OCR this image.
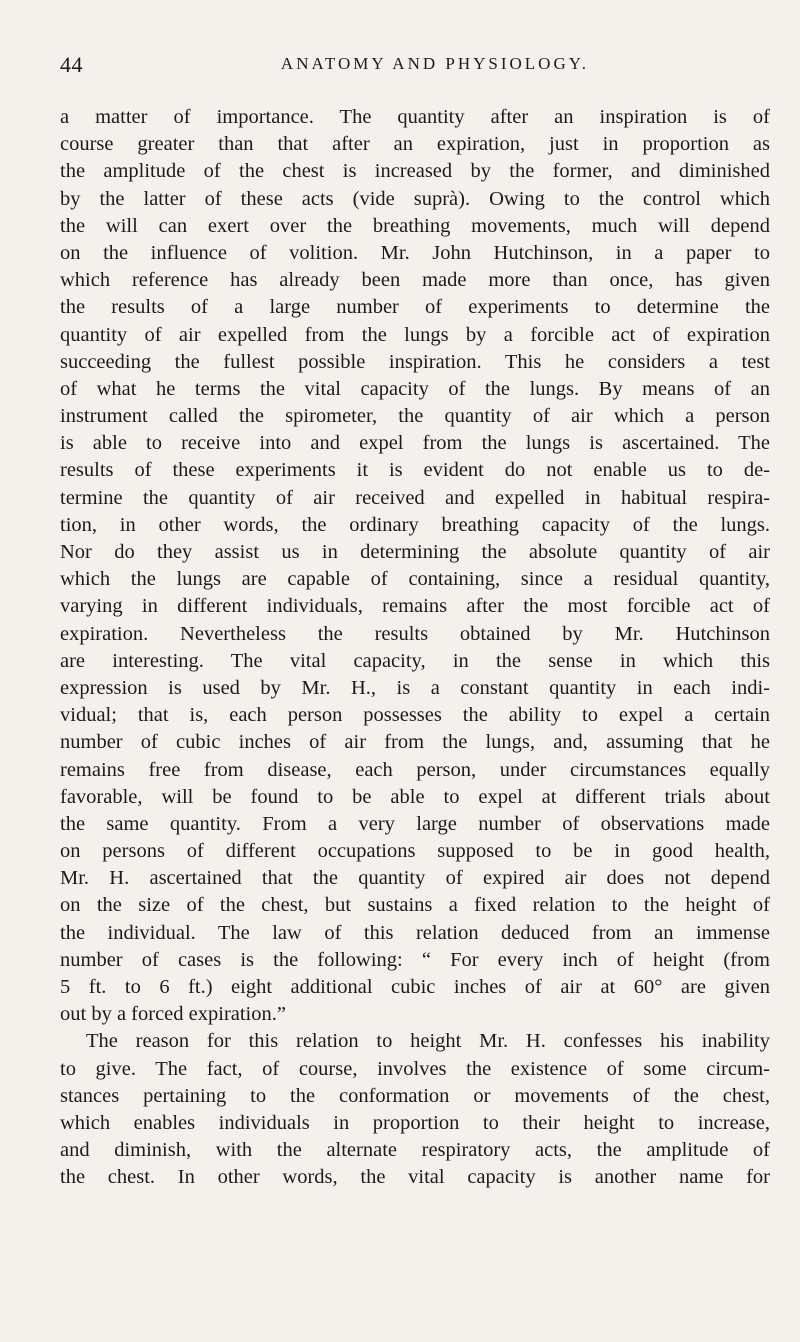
44	ANATOMY AND PHYSIOLOGY.
a matter of importance. The quantity after an inspiration is of
course greater than that after an expiration, just in proportion as
the amplitude of the chest is increased by the former, and diminished
by the latter of these acts (vide suprà). Owing to the control which
the will can exert over the breathing movements, much will depend
on the influence of volition. Mr. John Hutchinson, in a paper to
which reference has already been made more than once, has given
the results of a large number of experiments to determine the
quantity of air expelled from the lungs by a forcible act of expiration
succeeding the fullest possible inspiration. This he considers a test
of what he terms the vital capacity of the lungs. By means of an
instrument called the spirometer, the quantity of air which a person
is able to receive into and expel from the lungs is ascertained. The
results of these experiments it is evident do not enable us to de-
termine the quantity of air received and expelled in habitual respira-
tion, in other words, the ordinary breathing capacity of the lungs.
Nor do they assist us in determining the absolute quantity of air
which the lungs are capable of containing, since a residual quantity,
varying in different individuals, remains after the most forcible act of
expiration. Nevertheless the results obtained by Mr. Hutchinson
are interesting. The vital capacity, in the sense in which this
expression is used by Mr. H., is a constant quantity in each indi-
vidual; that is, each person possesses the ability to expel a certain
number of cubic inches of air from the lungs, and, assuming that he
remains free from disease, each person, under circumstances equally
favorable, will be found to be able to expel at different trials about
the same quantity. From a very large number of observations made
on persons of different occupations supposed to be in good health,
Mr. H. ascertained that the quantity of expired air does not depend
on the size of the chest, but sustains a fixed relation to the height of
the individual. The law of this relation deduced from an immense
number of cases is the following: “ For every inch of height (from
5 ft. to 6 ft.) eight additional cubic inches of air at 60° are given
out by a forced expiration.”
The reason for this relation to height Mr. H. confesses his inability
to give. The fact, of course, involves the existence of some circum-
stances pertaining to the conformation or movements of the chest,
which enables individuals in proportion to their height to increase,
and diminish, with the alternate respiratory acts, the amplitude of
the chest. In other words, the vital capacity is another name for
